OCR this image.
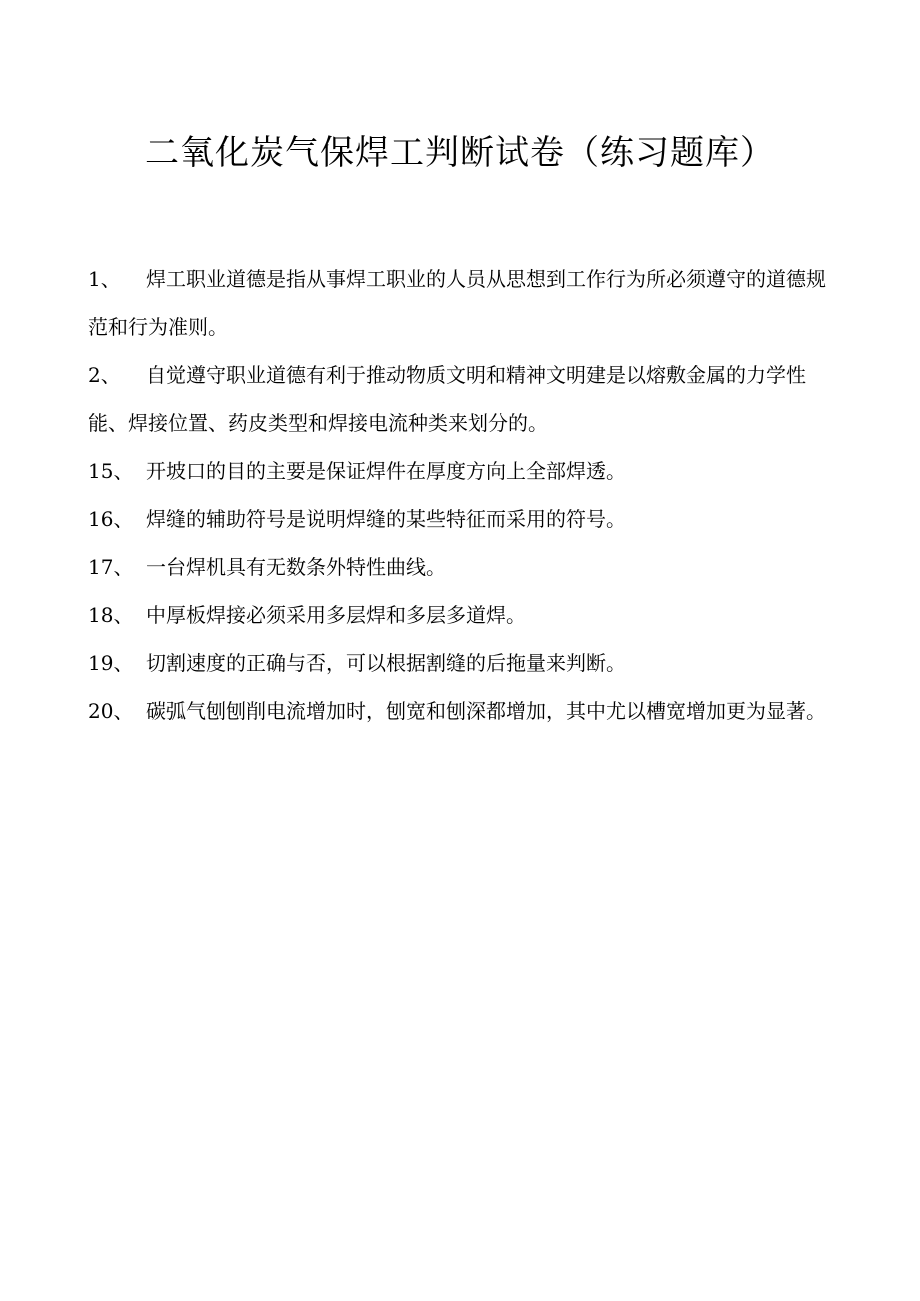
二氧化炭气保焊工判断试卷（练习题库）
1、 焊工职业道德是指从事焊工职业的人员从思想到工作行为所必须遵守的道德规范和行为准则。
2、 自觉遵守职业道德有利于推动物质文明和精神文明建是以熔敷金属的力学性能、焊接位置、药皮类型和焊接电流种类来划分的。
15、 开坡口的目的主要是保证焊件在厚度方向上全部焊透。
16、 焊缝的辅助符号是说明焊缝的某些特征而采用的符号。
17、 一台焊机具有无数条外特性曲线。
18、 中厚板焊接必须采用多层焊和多层多道焊。
19、 切割速度的正确与否，可以根据割缝的后拖量来判断。
20、 碳弧气刨刨削电流增加时，刨宽和刨深都增加，其中尤以槽宽增加更为显著。
